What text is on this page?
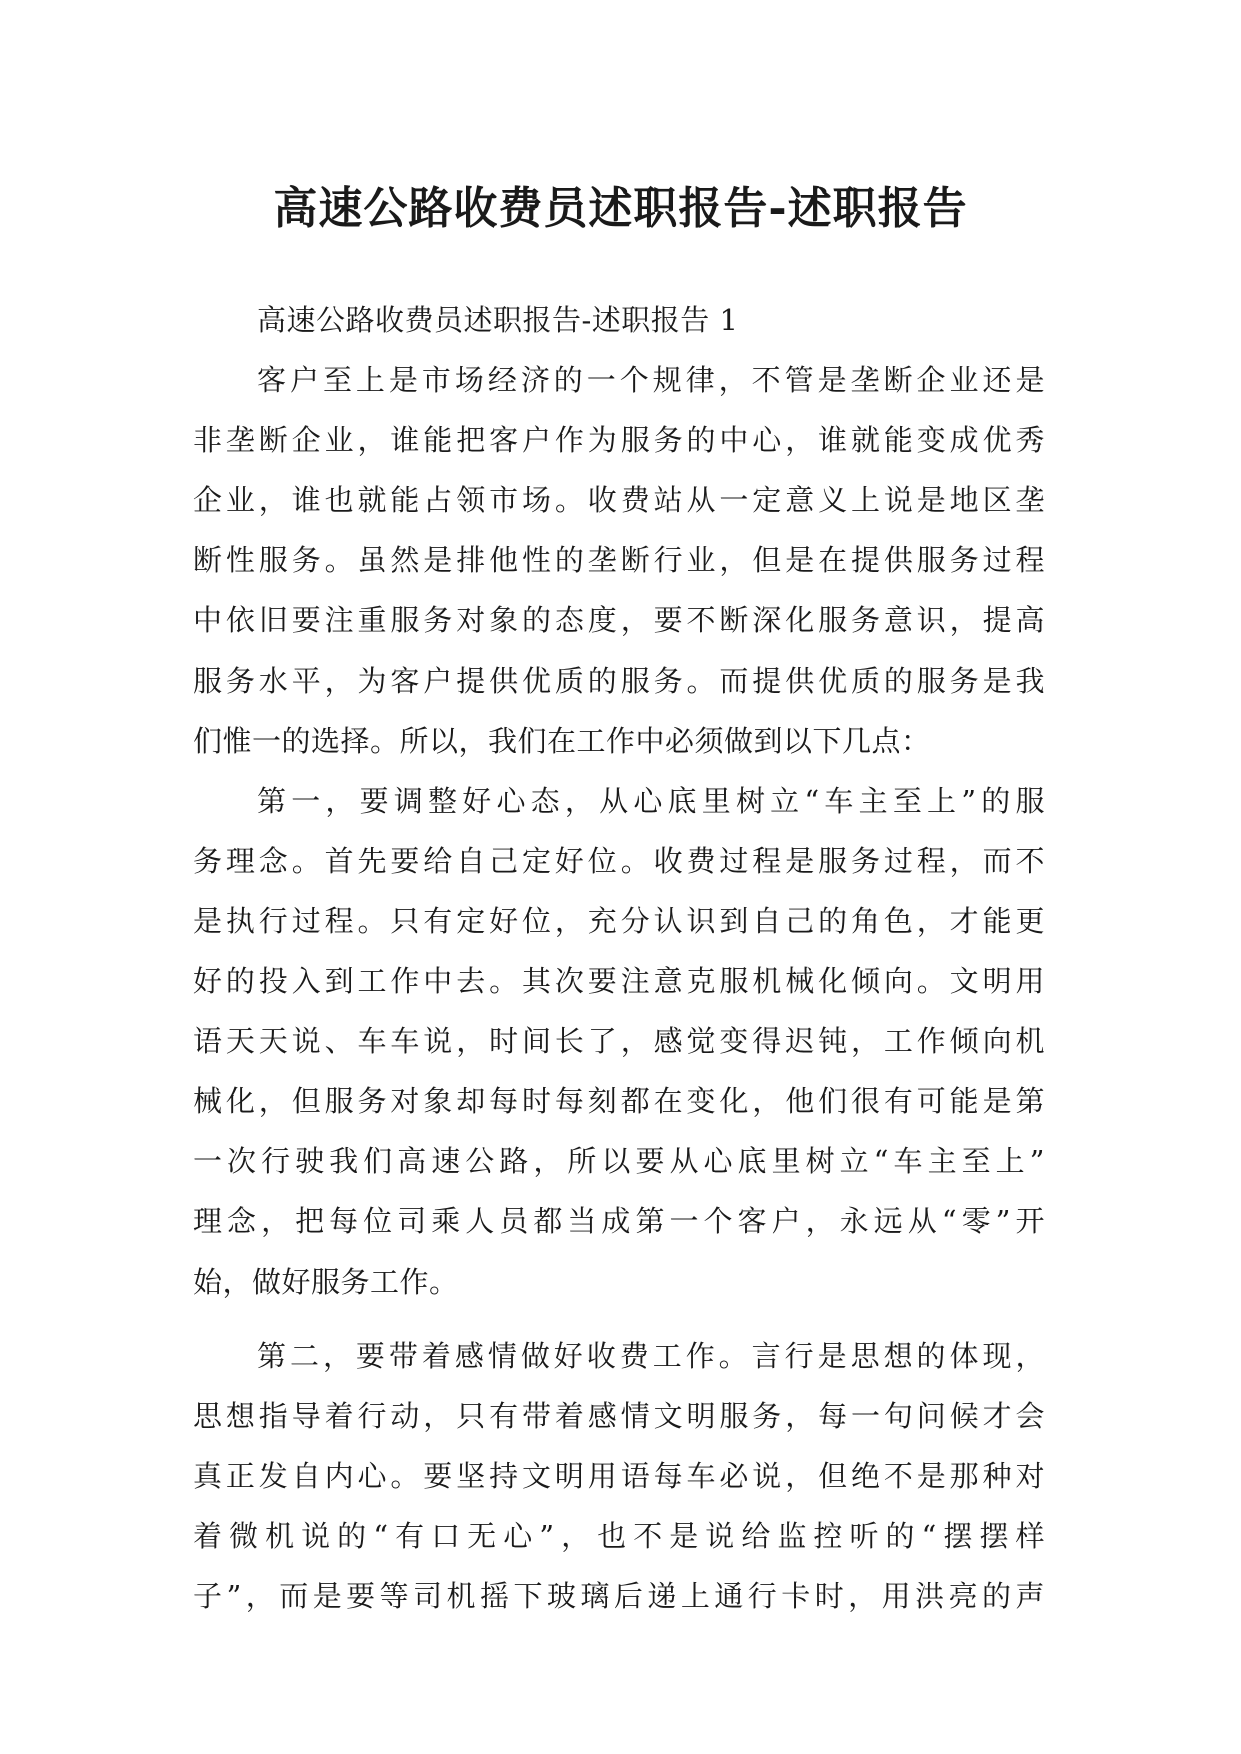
高速公路收费员述职报告-述职报告
高速公路收费员述职报告-述职报告 1
客户至上是市场经济的一个规律，不管是垄断企业还是
非垄断企业，谁能把客户作为服务的中心，谁就能变成优秀
企业，谁也就能占领市场。收费站从一定意义上说是地区垄
断性服务。虽然是排他性的垄断行业，但是在提供服务过程
中依旧要注重服务对象的态度，要不断深化服务意识，提高
服务水平，为客户提供优质的服务。而提供优质的服务是我
们惟一的选择。所以，我们在工作中必须做到以下几点：
第一，要调整好心态，从心底里树立“车主至上”的服
务理念。首先要给自己定好位。收费过程是服务过程，而不
是执行过程。只有定好位，充分认识到自己的角色，才能更
好的投入到工作中去。其次要注意克服机械化倾向。文明用
语天天说、车车说，时间长了，感觉变得迟钝，工作倾向机
械化，但服务对象却每时每刻都在变化，他们很有可能是第
一次行驶我们高速公路，所以要从心底里树立“车主至上”
理念，把每位司乘人员都当成第一个客户，永远从“零”开
始，做好服务工作。
第二，要带着感情做好收费工作。言行是思想的体现，
思想指导着行动，只有带着感情文明服务，每一句问候才会
真正发自内心。要坚持文明用语每车必说，但绝不是那种对
着微机说的“有口无心”，也不是说给监控听的“摆摆样
子”，而是要等司机摇下玻璃后递上通行卡时，用洪亮的声
